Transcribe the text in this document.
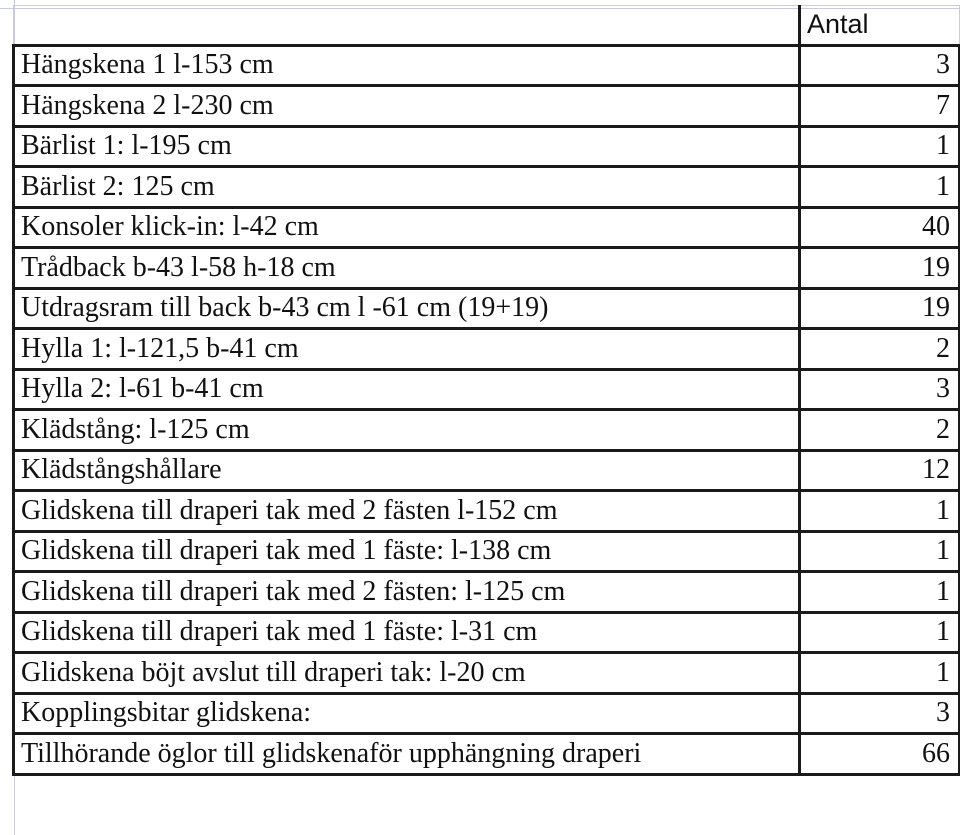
	Antal
Hängskena 1 l-153 cm	3
Hängskena 2 l-230 cm	7
Bärlist 1: l-195 cm	1
Bärlist 2: 125 cm	1
Konsoler klick-in: l-42 cm	40
Trådback b-43 l-58 h-18 cm	19
Utdragsram till back b-43 cm l -61 cm (19+19)	19
Hylla 1: l-121,5 b-41 cm	2
Hylla 2: l-61 b-41 cm	3
Klädstång: l-125 cm	2
Klädstångshållare	12
Glidskena till draperi tak med 2 fästen l-152 cm	1
Glidskena till draperi tak med 1 fäste: l-138 cm	1
Glidskena till draperi tak med 2 fästen: l-125 cm	1
Glidskena till draperi tak med 1 fäste: l-31 cm	1
Glidskena böjt avslut till draperi tak: l-20 cm	1
Kopplingsbitar glidskena:	3
Tillhörande öglor till glidskenaför upphängning draperi	66
